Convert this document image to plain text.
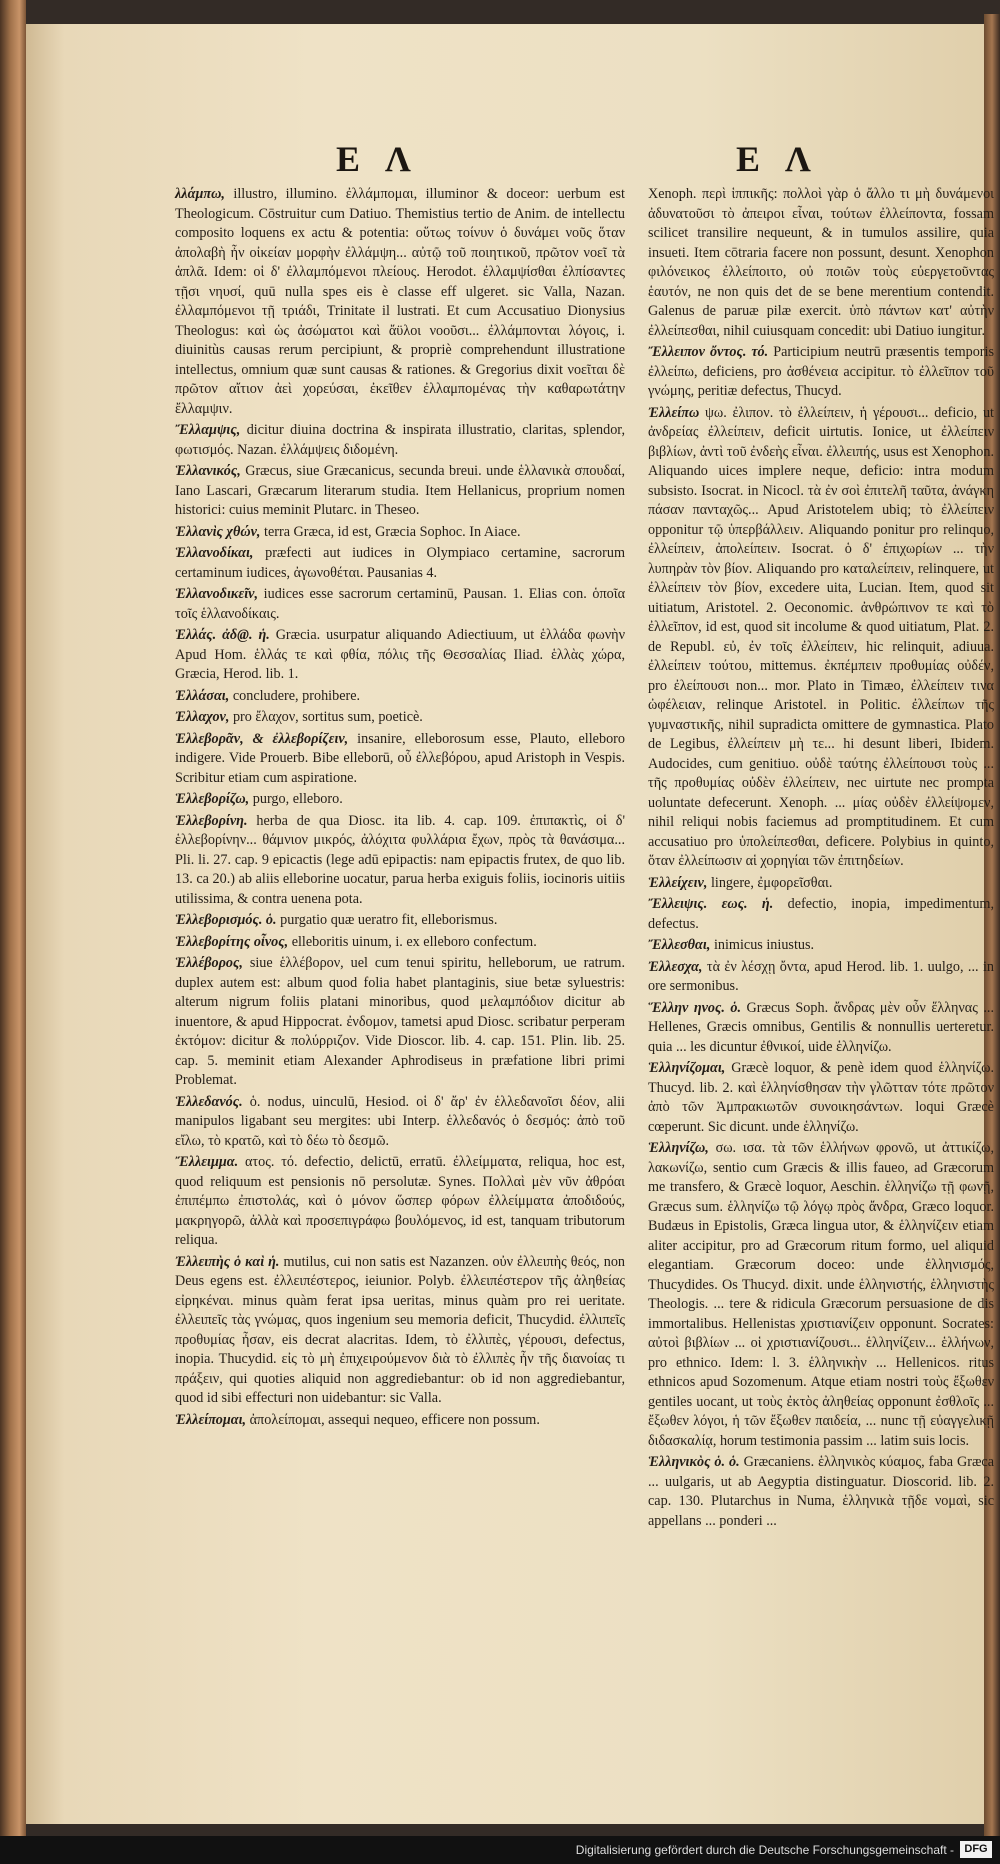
E Λ	E Λ

λλάμπω, illustro, illumino. ἐλλάμπομαι, illuminor & doceor: uerbum est Theologicum. Cōstruitur cum Datiuo. Themistius tertio de Anim. de intellectu composito loquens ex actu & potentia: οὕτως τοίνυν ὁ δυνάμει νοῦς ὅταν ἀπολαβὴ ἦν οἰκείαν μορφὴν ἐλλάμψη... αὐτῷ τοῦ ποιητικοῦ, πρῶτον νοεῖ τὰ ἁπλᾶ. Idem: οἱ δ' ἐλλαμπόμενοι πλείους. Herodot. ἐλλαμψίσθαι ἐλπίσαντες τῇσι νηυσί, quū nulla spes eis è classe eff ulgeret. sic Valla, Nazan. ἐλλαμπόμενοι τῇ τριάδι, Trinitate il lustrati. Et cum Accusatiuo Dionysius Theologus: καὶ ὡς ἀσώματοι καὶ ἄϋλοι νοοῦσι... ἐλλάμπονται λόγοις, i. diuinitùs causas rerum percipiunt, & propriè comprehendunt illustratione intellectus, omnium quæ sunt causas & rationes. & Gregorius dixit νοεῖται δὲ πρῶτον αἴτιον ἀεὶ χορεύσαι, ἐκεῖθεν ἐλλαμπομένας τὴν καθαρωτάτην ἔλλαμψιν.

Ἔλλαμψις, dicitur diuina doctrina & inspirata illustratio, claritas, splendor, φωτισμός. Nazan. ἐλλάμψεις διδομένη.

Ἑλλανικός, Græcus, siue Græcanicus, secunda breui. unde ἑλλανικὰ σπουδαί, Iano Lascari, Græcarum literarum studia. Item Hellanicus, proprium nomen historici: cuius meminit Plutarc. in Theseo.

Ἑλλανὶς χθών, terra Græca, id est, Græcia Sophoc. In Aiace.

Ἑλλανοδίκαι, præfecti aut iudices in Olympiaco certamine, sacrorum certaminum iudices, ἀγωνοθέται. Pausanias 4.

Ἑλλανοδικεῖν, iudices esse sacrorum certaminū, Pausan. 1. Elias con. ὁποῖα τοῖς ἑλλανοδίκαις.

Ἑλλάς. ἀδ@. ἡ. Græcia. usurpatur aliquando Adiectiuum, ut ἑλλάδα φωνὴν Apud Hom. ἑλλάς τε καὶ φθία, πόλις τῆς Θεσσαλίας Iliad. ἑλλὰς χώρα, Græcia, Herod. lib. 1.

Ἐλλάσαι, concludere, prohibere.

Ἐλλαχον, pro ἔλαχον, sortitus sum, poeticè.

Ἑλλεβορᾶν, & ἐλλεβορίζειν, insanire, elleborosum esse, Plauto, elleboro indigere. Vide Prouerb. Bibe elleborū, οὗ ἐλλεβόρου, apud Aristoph in Vespis. Scribitur etiam cum aspiratione.

Ἑλλεβορίζω, purgo, elleboro.

Ἑλλεβορίνη. herba de qua Diosc. ita lib. 4. cap. 109. ἐπιπακτὶς, οἱ δ' ἑλλεβορίνην... θάμνιον μικρός, ἀλόχιτα φυλλάρια ἔχων, πρὸς τὰ θανάσιμα... Pli. li. 27. cap. 9 epicactis (lege adū epipactis: nam epipactis frutex, de quo lib. 13. ca 20.) ab aliis elleborine uocatur, parua herba exiguis foliis, iocinoris uitiis utilissima, & contra uenena pota.

Ἑλλεβορισμός. ὁ. purgatio quæ ueratro fit, elleborismus.

Ἑλλεβορίτης οἶνος, elleboritis uinum, i. ex elleboro confectum.

Ἑλλέβορος, siue ἑλλέβορον, uel cum tenui spiritu, helleborum, ue ratrum. duplex autem est: album quod folia habet plantaginis, siue betæ syluestris: alterum nigrum foliis platani minoribus, quod μελαμπόδιον dicitur ab inuentore, & apud Hippocrat. ἐνδομον, tametsi apud Diosc. scribatur perperam ἐκτόμον: dicitur & πολύρριζον. Vide Dioscor. lib. 4. cap. 151. Plin. lib. 25. cap. 5. meminit etiam Alexander Aphrodiseus in præfatione libri primi Problemat.

Ἑλλεδανός. ὁ. nodus, uinculū, Hesiod. οἱ δ' ἄρ' ἐν ἑλλεδανοῖσι δέον, alii manipulos ligabant seu mergites: ubi Interp. ἑλλεδανός ὁ δεσμός: ἀπὸ τοῦ εἴλω, τὸ κρατῶ, καὶ τὸ δέω τὸ δεσμῶ.

Ἔλλειμμα. ατος. τό. defectio, delictū, erratū. ἐλλείμματα, reliqua, hoc est, quod reliquum est pensionis nō persolutæ. Synes. Πολλαὶ μὲν νῦν ἀθρόαι ἐπιπέμπω ἐπιστολάς, καὶ ὁ μόνον ὥσπερ φόρων ἐλλείμματα ἀποδιδούς, μακρηγορῶ, ἀλλὰ καὶ προσεπιγράφω βουλόμενος, id est, tanquam tributorum reliqua.

Ἐλλειπὴς ὁ καὶ ἡ. mutilus, cui non satis est Nazanzen. οὐν ἐλλειπὴς θεός, non Deus egens est. ἐλλειπέστερος, ieiunior. Polyb. ἐλλειπέστερον τῆς ἀληθείας εἰρηκέναι. minus quàm ferat ipsa ueritas, minus quàm pro rei ueritate. ἐλλειπεῖς τὰς γνώμας, quos ingenium seu memoria deficit, Thucydid. ἐλλιπεῖς προθυμίας ἦσαν, eis decrat alacritas. Idem, τὸ ἐλλιπὲς, γέρουσι, defectus, inopia. Thucydid. εἰς τὸ μὴ ἐπιχειρούμενον διὰ τὸ ἐλλιπὲς ἦν τῆς διανοίας τι πράξειν, qui quoties aliquid non aggrediebantur: ob id non aggrediebantur, quod id sibi effecturi non uidebantur: sic Valla.

Ἑλλείπομαι, ἀπολείπομαι, assequi nequeo, efficere non possum.

Xenoph. περὶ ἱππικῆς: πολλοὶ γὰρ ὁ ἄλλο τι μὴ δυνάμενοι ἀδυνατοῦσι τὸ ἀπειροι εἶναι, τούτων ἐλλείποντα, fossam scilicet transilire nequeunt, & in tumulos assilire, quia insueti. Item cōtraria facere non possunt, desunt. Xenophon φιλόνεικος ἐλλείποιτο, οὐ ποιῶν τοὺς εὐεργετοῦντας ἑαυτόν, ne non quis det de se bene merentium contendit. Galenus de paruæ pilæ exercit. ὑπὸ πάντων κατ' αὐτὴν ἐλλείπεσθαι, nihil cuiusquam concedit: ubi Datiuo iungitur.

Ἔλλειπον ὄντος. τό. Participium neutrū præsentis temporis ἐλλείπω, deficiens, pro ἀσθένεια accipitur. τὸ ἐλλεῖπον τοῦ γνώμης, peritiæ defectus, Thucyd.

Ἐλλείπω ψω. ἐλιπον. τὸ ἐλλείπειν, ἡ γέρουσι... deficio, ut ἀνδρείας ἐλλείπειν, deficit uirtutis. Ionice, ut ἐλλείπειν βιβλίων, ἀντὶ τοῦ ἐνδεὴς εἶναι. ἐλλειπής, usus est Xenophon. Aliquando uices implere neque, deficio: intra modum subsisto. Isocrat. in Nicocl. τὰ ἐν σοὶ ἐπιτελῆ ταῦτα, ἀνάγκη πάσαν πανταχῶς... Apud Aristotelem ubiq; τὸ ἐλλείπειν opponitur τῷ ὑπερβάλλειν. Aliquando ponitur pro relinquo, ἐλλείπειν, ἀπολείπειν. Isocrat. ὁ δ' ἐπιχωρίων ... τὴν λυπηρὰν τὸν βίον. Aliquando pro καταλείπειν, relinquere, ut ἐλλείπειν τὸν βίον, excedere uita, Lucian. Item, quod sit uitiatum, Aristotel. 2. Oeconomic. ἀνθρώπινον τε καὶ τὸ ἐλλεῖπον, id est, quod sit incolume & quod uitiatum, Plat. 2. de Republ. εὐ, ἐν τοῖς ἐλλείπειν, hic relinquit, adiuua. ἐλλείπειν τούτου, mittemus. ἐκπέμπειν προθυμίας οὐδέν, pro ἐλείπουσι non... mor. Plato in Timæo, ἐλλείπειν τινα ὠφέλειαν, relinque Aristotel. in Politic. ἐλλείπων τῆς γυμναστικῆς, nihil supradicta omittere de gymnastica. Plato de Legibus, ἐλλείπειν μὴ τε... hi desunt liberi, Ibidem. Audocides, cum genitiuo. οὐδὲ ταύτης ἐλλείπουσι τοὺς ... τῆς προθυμίας οὐδὲν ἐλλείπειν, nec uirtute nec prompta uoluntate defecerunt. Xenoph. ... μίας οὐδὲν ἐλλείψομεν, nihil reliqui nobis faciemus ad promptitudinem. Et cum accusatiuo pro ὑπολείπεσθαι, deficere. Polybius in quinto, ὅταν ἐλλείπωσιν αἱ χορηγίαι τῶν ἐπιτηδείων.

Ἑλλείχειν, lingere, ἐμφορεῖσθαι.

Ἔλλειψις. εως. ἡ. defectio, inopia, impedimentum, defectus.

Ἔλλεσθαι, inimicus iniustus.

Ἐλλεσχα, τὰ ἐν λέσχῃ ὄντα, apud Herod. lib. 1. uulgo, ... in ore sermonibus.

Ἕλλην ηνος. ὁ. Græcus Soph. ἄνδρας μὲν οὖν ἕλληνας ... Hellenes, Græcis omnibus, Gentilis & nonnullis uerteretur. quia ... les dicuntur ἐθνικοί, uide ἑλληνίζω.

Ἑλληνίζομαι, Græcè loquor, & penè idem quod ἑλληνίζω. Thucyd. lib. 2. καὶ ἑλληνίσθησαν τὴν γλῶτταν τότε πρῶτον ἀπὸ τῶν Ἀμπρακιωτῶν συνοικησάντων. loqui Græcè cœperunt. Sic dicunt. unde ἑλληνίζω.

Ἑλληνίζω, σω. ισα. τὰ τῶν ἑλλήνων φρονῶ, ut ἀττικίζω, λακωνίζω, sentio cum Græcis & illis faueo, ad Græcorum me transfero, & Græcè loquor, Aeschin. ἑλληνίζω τῇ φωνῇ, Græcus sum. ἑλληνίζω τῷ λόγῳ πρὸς ἄνδρα, Græco loquor. Budæus in Epistolis, Græca lingua utor, & ἑλληνίζειν etiam aliter accipitur, pro ad Græcorum ritum formo, uel aliquid elegantiam. Græcorum doceo: unde ἑλληνισμός, Thucydides. Os Thucyd. dixit. unde ἑλληνιστής, ἑλληνιστὴς Theologis. ... tere & ridicula Græcorum persuasione de dis immortalibus. Hellenistas χριστιανίζειν opponunt. Socrates: αὐτοὶ βιβλίων ... οἱ χριστιανίζουσι... ἑλληνίζειν... ἑλλήνων, pro ethnico. Idem: l. 3. ἑλληνικὴν ... Hellenicos. ritus ethnicos apud Sozomenum. Atque etiam nostri τοὺς ἔξωθεν gentiles uocant, ut τοὺς ἐκτὸς ἀληθείας opponunt ἐσθλοῖς ... ἔξωθεν λόγοι, ἡ τῶν ἔξωθεν παιδεία, ... nunc τῇ εὐαγγελικῇ διδασκαλίᾳ, horum testimonia passim ... latim suis locis.

Ἑλληνικὸς ὁ. ὁ. Græcaniens. ἑλληνικὸς κύαμος, faba Græca ... uulgaris, ut ab Aegyptia distinguatur. Dioscorid. lib. 2. cap. 130. Plutarchus in Numa, ἑλληνικὰ τῇδε νομαὶ, sic appellans ... ponderi ...

Digitalisierung gefördert durch die Deutsche Forschungsgemeinschaft - DFG
